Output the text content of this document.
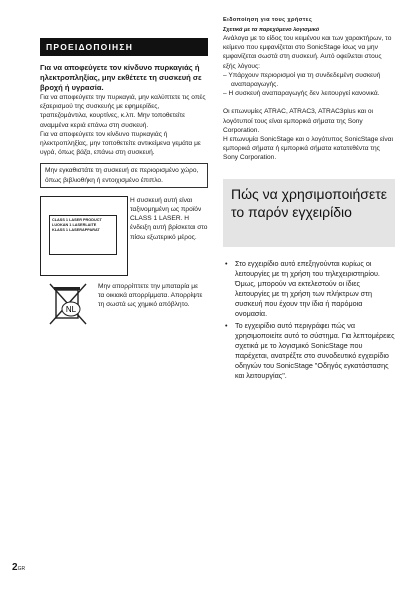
ΠΡΟΕΙΔΟΠΟΙΗΣΗ
Για να αποφεύγετε τον κίνδυνο πυρκαγιάς ή ηλεκτροπληξίας, μην εκθέτετε τη συσκευή σε βροχή ή υγρασία.

Για να αποφεύγετε την πυρκαγιά, μην καλύπτετε τις οπές εξαερισμού της συσκευής με εφημερίδες, τραπεζομάντιλα, κουρτίνες, κ.λπ. Μην τοποθετείτε αναμμένα κεριά επάνω στη συσκευή.

Για να αποφεύγετε τον κίνδυνο πυρκαγιάς ή ηλεκτροπληξίας, μην τοποθετείτε αντικείμενα γεμάτα με υγρά, όπως βάζα, επάνω στη συσκευή.

Μην εγκαθιστάτε τη συσκευή σε περιορισμένο χώρο, όπως βιβλιοθήκη ή εντοιχισμένο έπιπλο.
CLASS 1 LASER PRODUCT
LUOKAN 1 LASERLAITE
KLASS 1 LASERAPPARAT
Η συσκευή αυτή είναι ταξινομημένη ως προϊόν CLASS 1 LASER. Η ένδειξη αυτή βρίσκεται στο πίσω εξωτερικό μέρος.
NL
Μην απορρίπτετε την μπαταρία με τα οικιακά απορρίμματα. Απορρίψτε τη σωστά ως χημικό απόβλητο.
Ειδοποίηση για τους χρήστες
Σχετικά με τα παρεχόμενο λογισμικό

Ανάλογα με το είδος του κειμένου και των χαρακτήρων, το κείμενο που εμφανίζεται στο SonicStage ίσως να μην εμφανίζεται σωστά στη συσκευή. Αυτό οφείλεται στους εξής λόγους:

– Υπάρχουν περιορισμοί για τη συνδεδεμένη συσκευή αναπαραγωγής.
– Η συσκευή αναπαραγωγής δεν λειτουργεί κανονικά.

Οι επωνυμίες ATRAC, ATRAC3, ATRAC3plus και οι λογότυποί τους είναι εμπορικά σήματα της Sony Corporation.

Η επωνυμία SonicStage και ο λογότυπος SonicStage είναι εμπορικά σήματα ή εμπορικά σήματα κατατεθέντα της Sony Corporation.

Πώς να χρησιμοποιήσετε το παρόν εγχειρίδιο

• Στο εγχειρίδιο αυτό επεξηγούνται κυρίως οι λειτουργίες με τη χρήση του τηλεχειριστηρίου. Όμως, μπορούν να εκτελεστούν οι ίδιες λειτουργίες με τη χρήση των πλήκτρων στη συσκευή που έχουν την ίδια ή παρόμοια ονομασία.
• Το εγχειρίδιο αυτό περιγράφει πώς να χρησιμοποιείτε αυτό το σύστημα. Για λεπτομέρειες σχετικά με το λογισμικό SonicStage που παρέχεται, ανατρέξτε στο συνοδευτικό εγχειρίδιο οδηγιών του SonicStage "Οδηγός εγκατάστασης και λειτουργίας".
2GR
